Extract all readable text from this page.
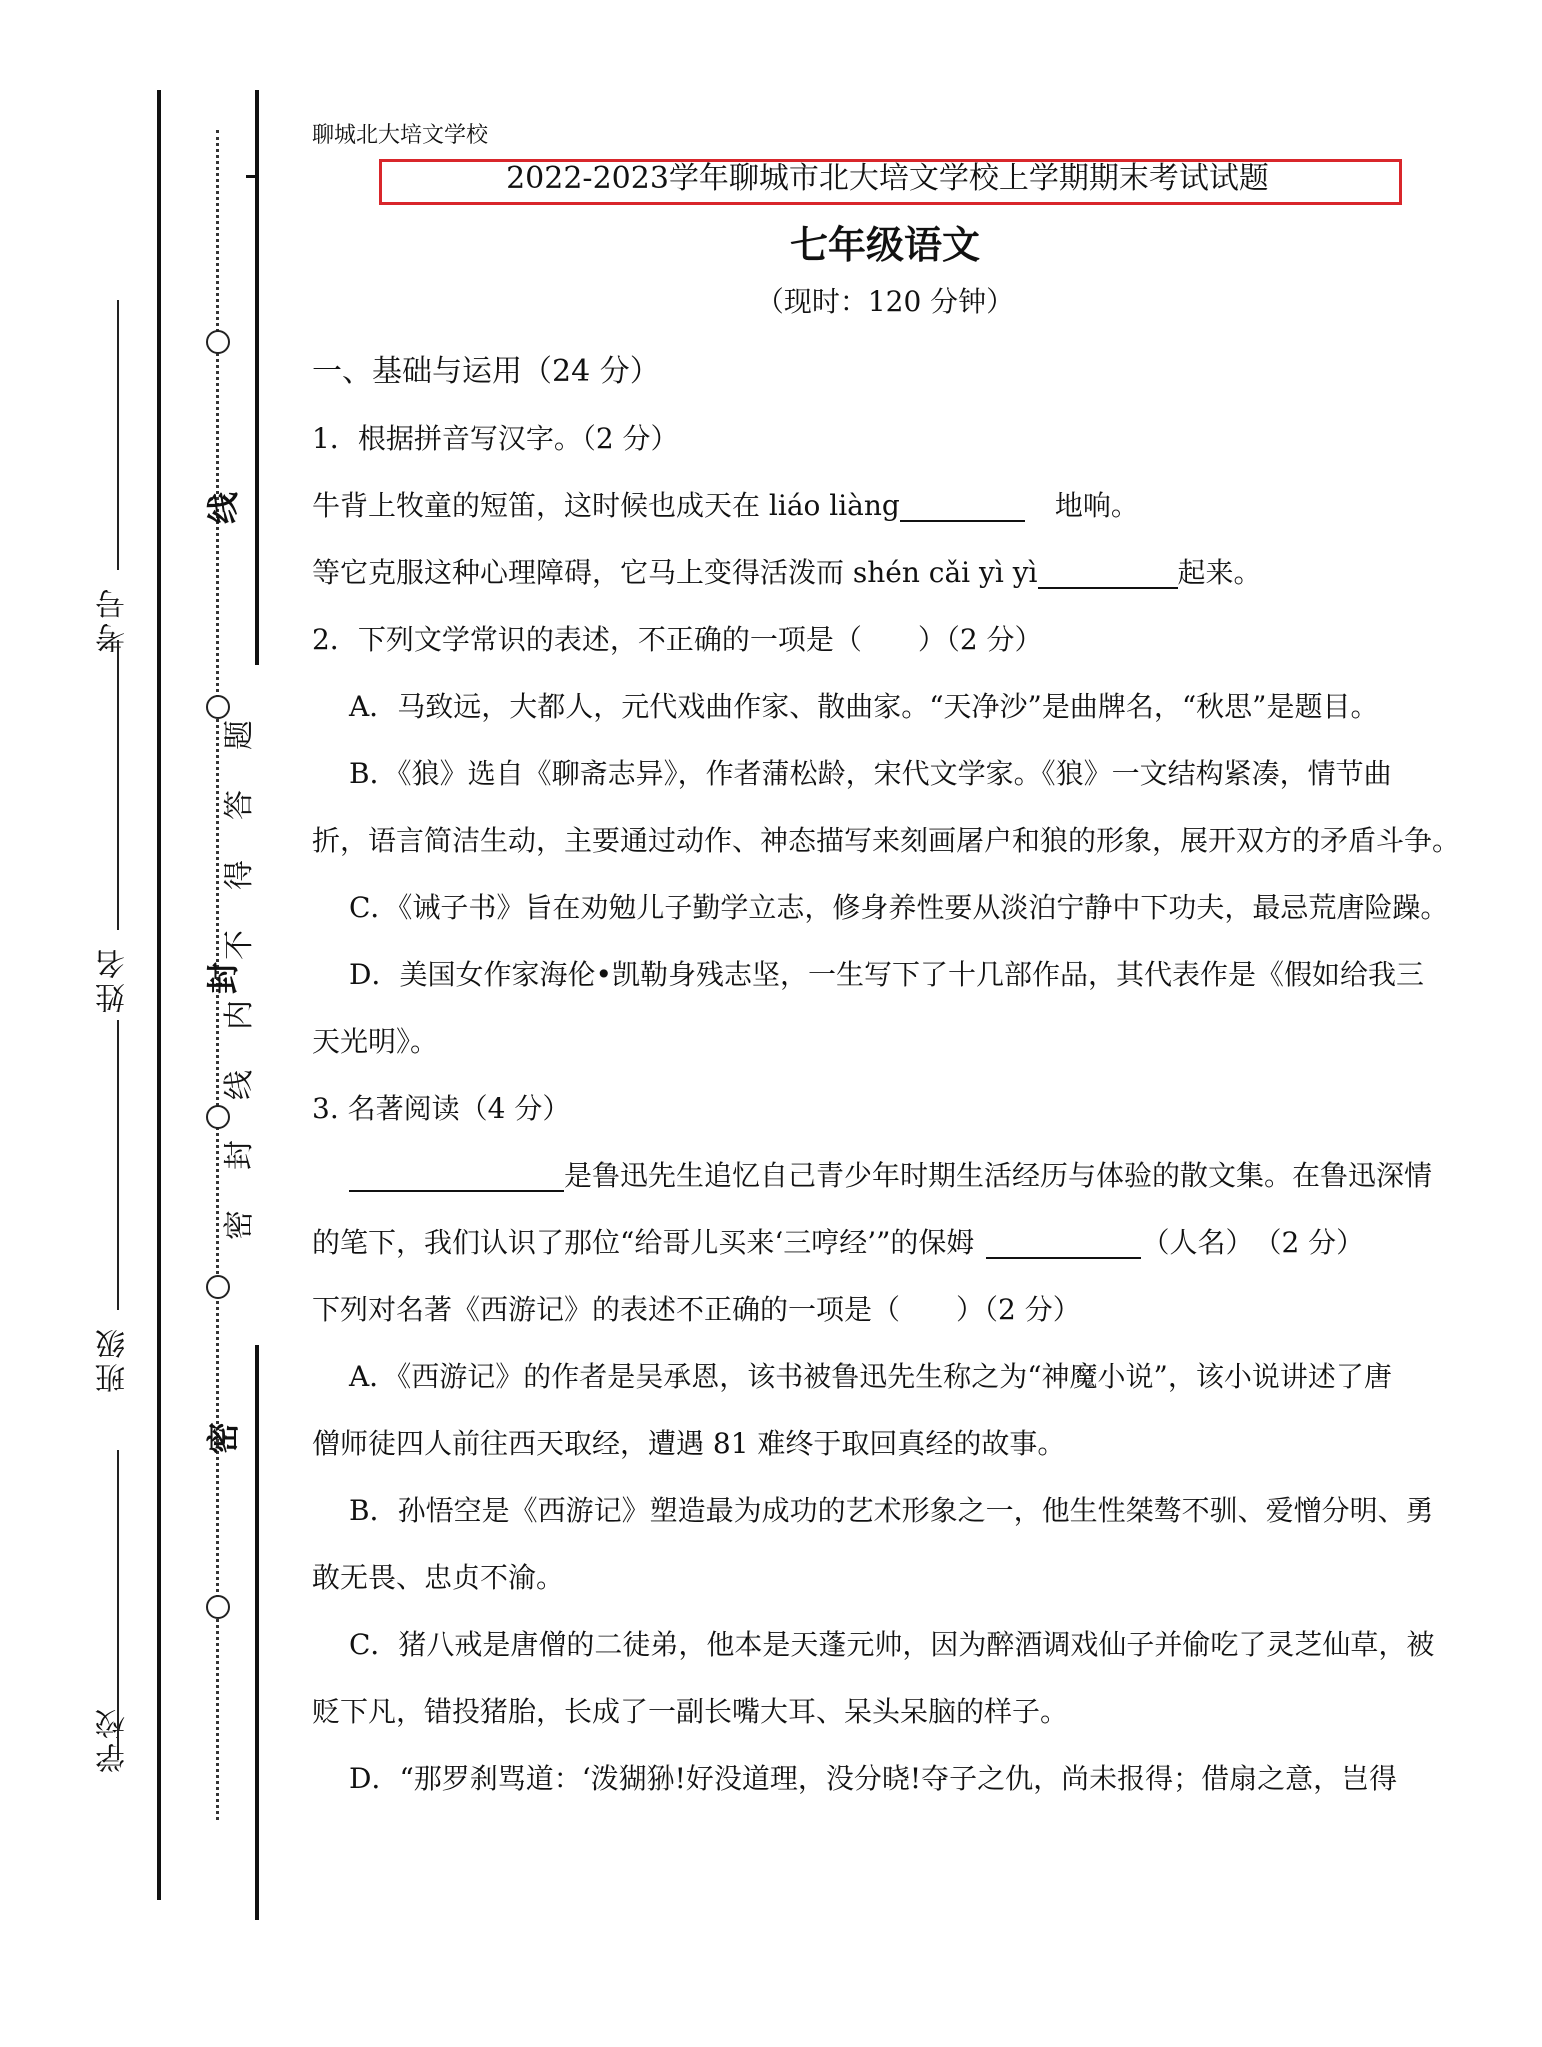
线
封
密
题
答
得
不
内
线
封
密
考号
姓名
班级
学校
聊城北大培文学校
2022-2023学年聊城市北大培文学校上学期期末考试试题
七年级语文
（现时：120 分钟）
一、基础与运用（24 分）
1．根据拼音写汉字。（2 分）
牛背上牧童的短笛，这时候也成天在 liáo liàng	地响。
等它克服这种心理障碍，它马上变得活泼而 shén cǎi yì yì	起来。
2．下列文学常识的表述，不正确的一项是（　　）（2 分）
A．马致远，大都人，元代戏曲作家、散曲家。“天净沙”是曲牌名，“秋思”是题目。
B．《狼》选自《聊斋志异》，作者蒲松龄，宋代文学家。《狼》一文结构紧凑，情节曲
折，语言简洁生动，主要通过动作、神态描写来刻画屠户和狼的形象，展开双方的矛盾斗争。
C．《诫子书》旨在劝勉儿子勤学立志，修身养性要从淡泊宁静中下功夫，最忌荒唐险躁。
D．美国女作家海伦•凯勒身残志坚，一生写下了十几部作品，其代表作是《假如给我三
天光明》。
3. 名著阅读（4 分）
是鲁迅先生追忆自己青少年时期生活经历与体验的散文集。在鲁迅深情
的笔下，我们认识了那位“给哥儿买来‘三哼经’”的保姆	（人名）　（2 分）
下列对名著《西游记》的表述不正确的一项是（　　）（2 分）
A．《西游记》的作者是吴承恩，该书被鲁迅先生称之为“神魔小说”，该小说讲述了唐
僧师徒四人前往西天取经，遭遇 81 难终于取回真经的故事。
B．孙悟空是《西游记》塑造最为成功的艺术形象之一，他生性桀骜不驯、爱憎分明、勇
敢无畏、忠贞不渝。
C．猪八戒是唐僧的二徒弟，他本是天蓬元帅，因为醉酒调戏仙子并偷吃了灵芝仙草，被
贬下凡，错投猪胎，长成了一副长嘴大耳、呆头呆脑的样子。
D．“那罗刹骂道：‘泼猢狲!好没道理，没分晓!夺子之仇，尚未报得；借扇之意，岂得
